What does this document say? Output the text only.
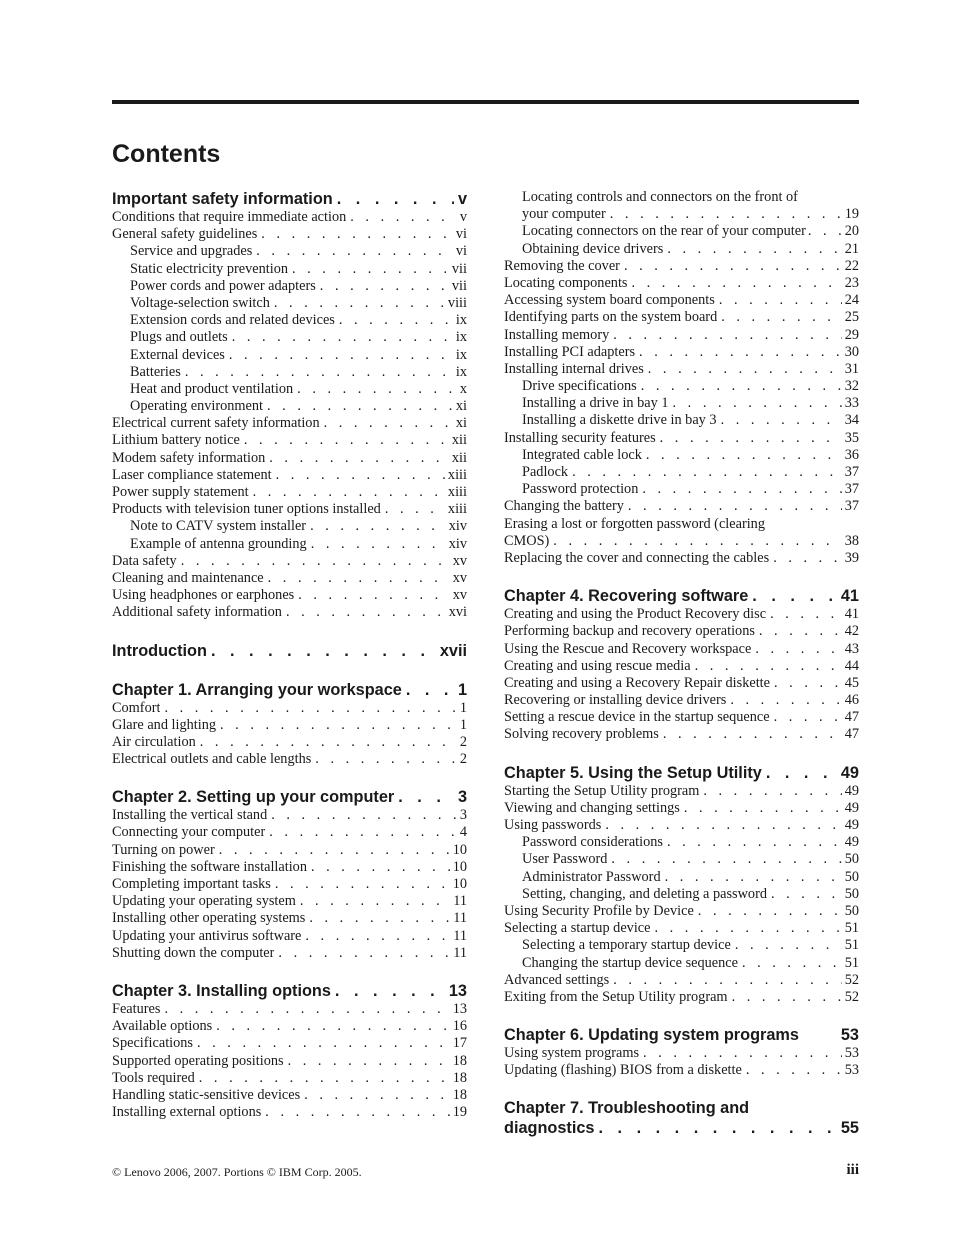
Contents
Important safety information . . .	v
Conditions that require immediate action . . .	v
General safety guidelines . . .	vi
Service and upgrades . . .	vi
Static electricity prevention . . .	vii
Power cords and power adapters . . .	vii
Voltage-selection switch . . .	viii
Extension cords and related devices . . .	ix
Plugs and outlets . . .	ix
External devices . . .	ix
Batteries . . .	ix
Heat and product ventilation . . .	x
Operating environment . . .	xi
Electrical current safety information . . .	xi
Lithium battery notice . . .	xii
Modem safety information . . .	xii
Laser compliance statement . . .	xiii
Power supply statement . . .	xiii
Products with television tuner options installed . . .	xiii
Note to CATV system installer . . .	xiv
Example of antenna grounding . . .	xiv
Data safety . . .	xv
Cleaning and maintenance . . .	xv
Using headphones or earphones . . .	xv
Additional safety information . . .	xvi
Introduction . . .	xvii
Chapter 1. Arranging your workspace . . .	1
Comfort . . .	1
Glare and lighting . . .	1
Air circulation . . .	2
Electrical outlets and cable lengths . . .	2
Chapter 2. Setting up your computer . . .	3
Installing the vertical stand . . .	3
Connecting your computer . . .	4
Turning on power . . .	10
Finishing the software installation . . .	10
Completing important tasks . . .	10
Updating your operating system . . .	11
Installing other operating systems . . .	11
Updating your antivirus software . . .	11
Shutting down the computer . . .	11
Chapter 3. Installing options . . .	13
Features . . .	13
Available options . . .	16
Specifications . . .	17
Supported operating positions . . .	18
Tools required . . .	18
Handling static-sensitive devices . . .	18
Installing external options . . .	19
Locating controls and connectors on the front of
your computer . . .	19
Locating connectors on the rear of your computer . . .	20
Obtaining device drivers . . .	21
Removing the cover . . .	22
Locating components . . .	23
Accessing system board components . . .	24
Identifying parts on the system board . . .	25
Installing memory . . .	29
Installing PCI adapters . . .	30
Installing internal drives . . .	31
Drive specifications . . .	32
Installing a drive in bay 1 . . .	33
Installing a diskette drive in bay 3 . . .	34
Installing security features . . .	35
Integrated cable lock . . .	36
Padlock . . .	37
Password protection . . .	37
Changing the battery . . .	37
Erasing a lost or forgotten password (clearing
CMOS) . . .	38
Replacing the cover and connecting the cables . . .	39
Chapter 4. Recovering software . . .	41
Creating and using the Product Recovery disc . . .	41
Performing backup and recovery operations . . .	42
Using the Rescue and Recovery workspace . . .	43
Creating and using rescue media . . .	44
Creating and using a Recovery Repair diskette . . .	45
Recovering or installing device drivers . . .	46
Setting a rescue device in the startup sequence . . .	47
Solving recovery problems . . .	47
Chapter 5. Using the Setup Utility . . .	49
Starting the Setup Utility program . . .	49
Viewing and changing settings . . .	49
Using passwords . . .	49
Password considerations . . .	49
User Password . . .	50
Administrator Password . . .	50
Setting, changing, and deleting a password . . .	50
Using Security Profile by Device . . .	50
Selecting a startup device . . .	51
Selecting a temporary startup device . . .	51
Changing the startup device sequence . . .	51
Advanced settings . . .	52
Exiting from the Setup Utility program . . .	52
Chapter 6. Updating system programs	53
Using system programs . . .	53
Updating (flashing) BIOS from a diskette . . .	53
Chapter 7. Troubleshooting and
diagnostics . . .	55
© Lenovo 2006, 2007. Portions © IBM Corp. 2005.	iii
